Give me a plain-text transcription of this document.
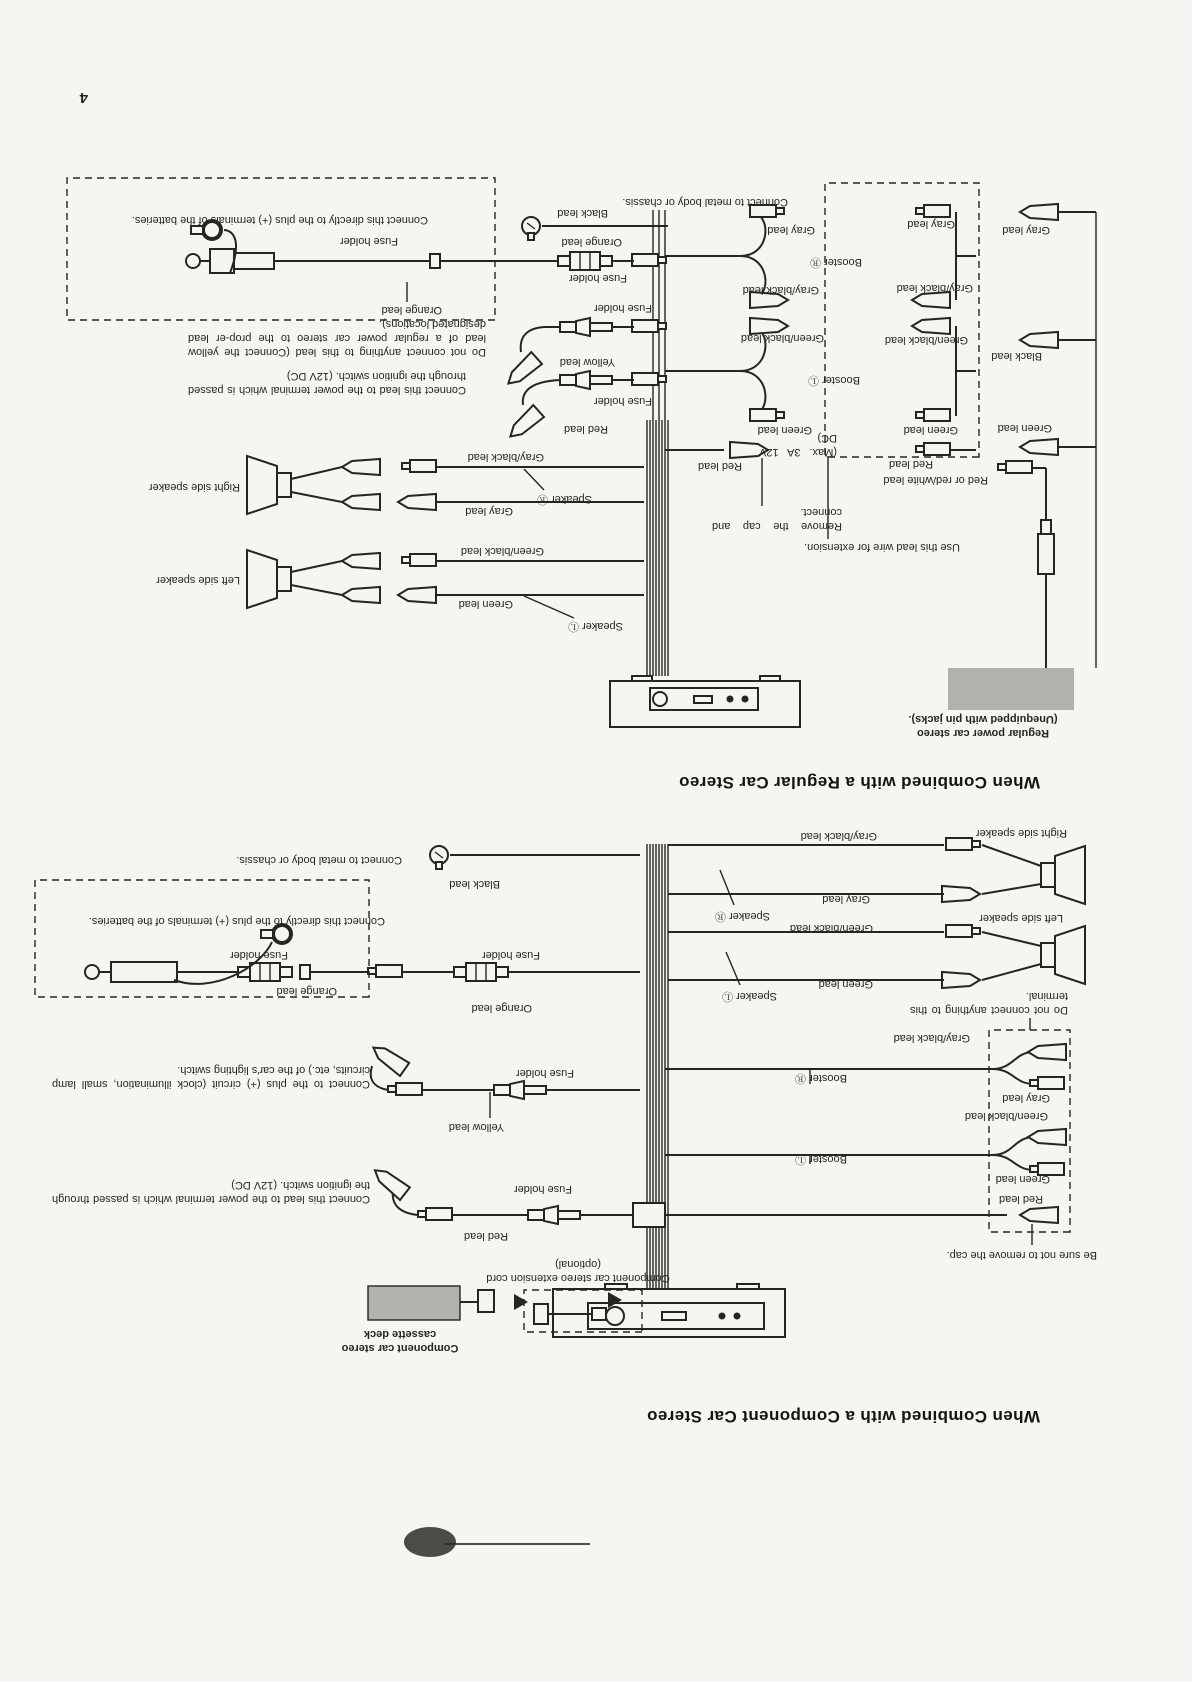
When Combined with a Component Car Stereo
Component car stereo cassette deck
Component car stereo extension cord (optional)
Red lead
Fuse holder
Connect this lead to the power terminal which is passed through the ignition switch. (12V DC)
Yellow lead
Fuse holder
Connect to the plus (+) circuit (clock illumination, small lamp circuits, etc.) of the car's lighting switch.
Orange lead
Fuse holder
Orange lead
Fuse holder
Connect this directly to the plus (+) terminals of the batteries.
Connect to metal body or chassis.
Black lead
Be sure not to remove the cap.
Red lead
Green lead
Booster Ⓛ
Green/black lead
Gray lead
Booster Ⓡ
Gray/black lead
Do not connect anything to this terminal.
Speaker Ⓛ
Green lead
Green/black lead
Left side speaker
Speaker Ⓡ
Gray lead
Gray/black lead	Right side speaker
When Combined with a Regular Car Stereo
Regular power car stereo (Unequipped with pin jacks).
Speaker Ⓛ
Green lead
Green/black lead
Left side speaker
Gray lead
Speaker Ⓡ
Gray/black lead
Right side speaker
Red or red/white lead
Use this lead wire for extension.
Remove the cap and connect.
(Max. 3A 12V DC)
Red lead
Green lead
Green/black lead
Gray/black lead
Booster Ⓡ
Gray lead
Booster Ⓛ
Green lead
Black lead
Gray lead
Gray lead
Gray/black lead
Green/black lead
Green lead
Red lead
Connect this lead to the power terminal which is passed through the ignition switch. (12V DC)
Do not connect anything to this lead (Connect the yellow lead of a regular power car stereo to the prop-er lead designated locations).
Yellow lead
Fuse holder
Fuse holder
Red lead
Orange lead
Fuse holder
Black lead
Connect to metal body or chassis.
Orange lead
Fuse holder
Connect this directly to the plus (+) terminals of the batteries.
4
